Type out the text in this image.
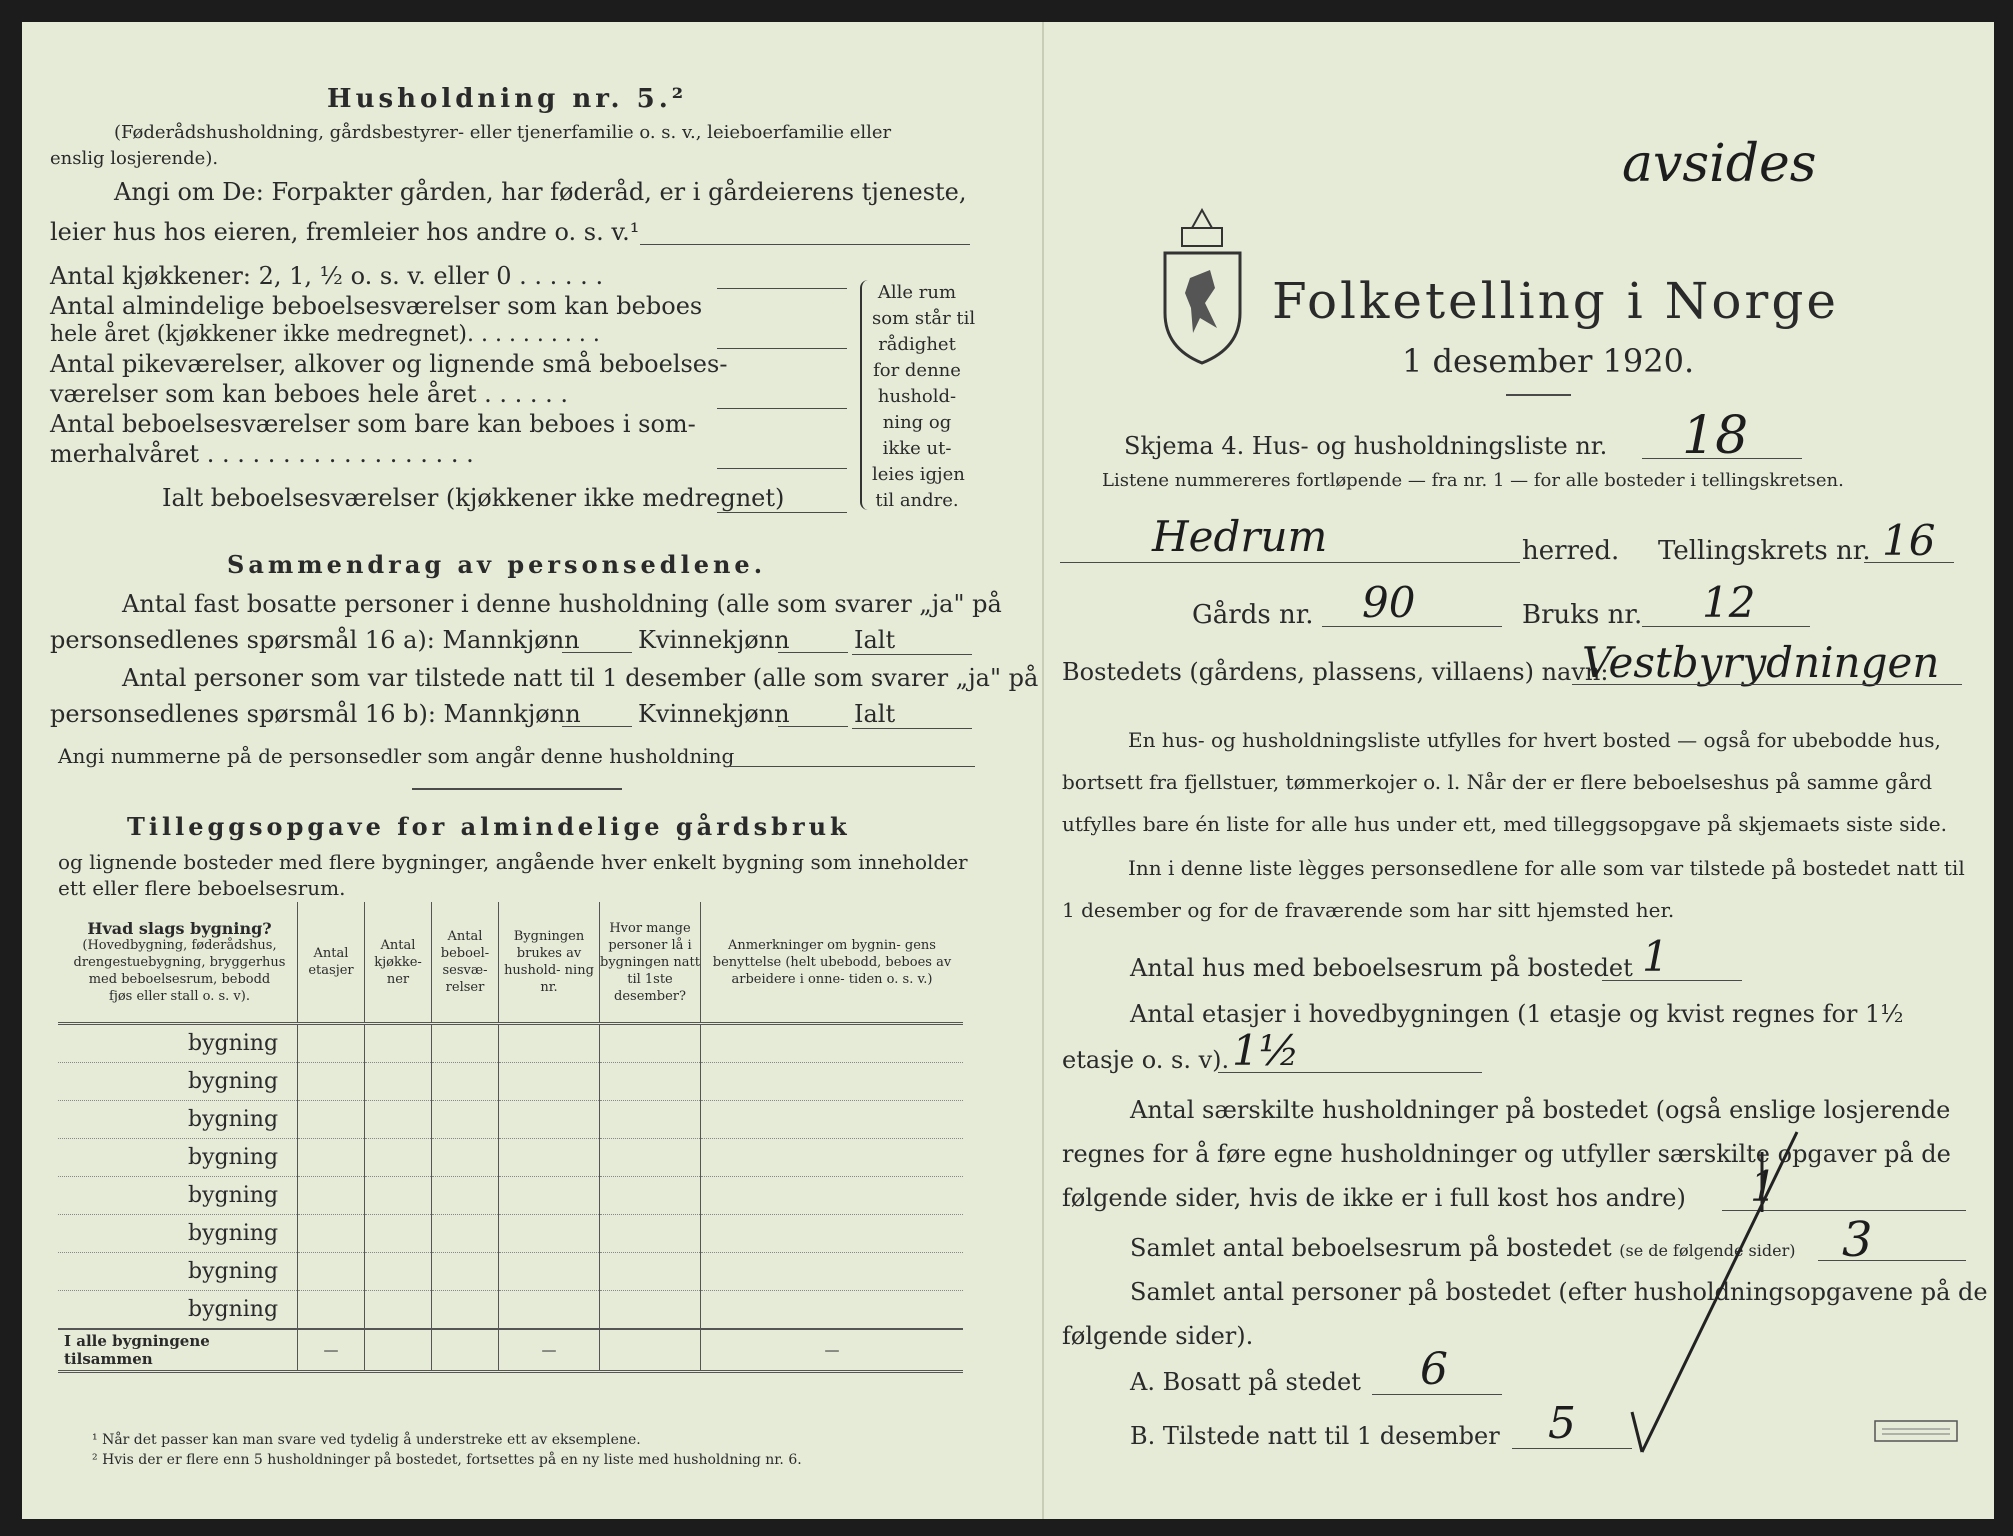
Husholdning nr. 5.²
(Føderådshusholdning, gårdsbestyrer- eller tjenerfamilie o. s. v., leieboerfamilie eller
enslig losjerende).
Angi om De: Forpakter gården, har føderåd, er i gårdeierens tjeneste,
leier hus hos eieren, fremleier hos andre o. s. v.¹
Antal kjøkkener: 2, 1, ½ o. s. v. eller 0 . . . . . .
Antal almindelige beboelsesværelser som kan beboes
hele året (kjøkkener ikke medregnet). . . . . . . . . .
Antal pikeværelser, alkover og lignende små beboelses-
værelser som kan beboes hele året . . . . . .
Antal beboelsesværelser som bare kan beboes i som-
merhalvåret . . . . . . . . . . . . . . . . . .
Ialt beboelsesværelser (kjøkkener ikke medregnet)
Alle rum
som står til
rådighet
for denne
hushold-
ning og
ikke ut-
leies igjen
til andre.
Sammendrag av personsedlene.
Antal fast bosatte personer i denne husholdning (alle som svarer „ja" på
personsedlenes spørsmål 16 a): Mannkjønn Kvinnekjønn	Ialt
Antal personer som var tilstede natt til 1 desember (alle som svarer „ja" på
personsedlenes spørsmål 16 b): Mannkjønn Kvinnekjønn	Ialt
Angi nummerne på de personsedler som angår denne husholdning
Tilleggsopgave for almindelige gårdsbruk
og lignende bosteder med flere bygninger, angående hver enkelt bygning som inneholder
ett eller flere beboelsesrum.
Hvad slags bygning?
(Hovedbygning, føderådshus,
drengestuebygning, bryggerhus
med beboelsesrum, bebodd
fjøs eller stall o. s. v).	Antal etasjer	Antal kjøkke- ner	Antal beboel- sesvæ- relser	Bygningen brukes av hushold- ning nr.	Hvor mange personer lå i bygningen natt til 1ste desember?	Anmerkninger om bygnin- gens benyttelse (helt ubebodd, beboes av arbeidere i onne- tiden o. s. v.)
bygning						
bygning						
bygning						
bygning						
bygning						
bygning						
bygning						
bygning						
I alle bygningene tilsammen	—			—		—
¹ Når det passer kan man svare ved tydelig å understreke ett av eksemplene.
² Hvis der er flere enn 5 husholdninger på bostedet, fortsettes på en ny liste med husholdning nr. 6.
avsides
Folketelling i Norge
1 desember 1920.
Skjema 4. Hus- og husholdningsliste nr. 18
Listene nummereres fortløpende — fra nr. 1 — for alle bosteder i tellingskretsen.
Hedrum	herred. Tellingskrets nr. 16
Gårds nr. 90	Bruks nr. 12
Bostedets (gårdens, plassens, villaens) navn:
Vestbyrydningen
En hus- og husholdningsliste utfylles for hvert bosted — også for ubebodde hus,
bortsett fra fjellstuer, tømmerkojer o. l. Når der er flere beboelseshus på samme gård
utfylles bare én liste for alle hus under ett, med tilleggsopgave på skjemaets siste side.
Inn i denne liste lègges personsedlene for alle som var tilstede på bostedet natt til
1 desember og for de fraværende som har sitt hjemsted her.
Antal hus med beboelsesrum på bostedet 1
Antal etasjer i hovedbygningen (1 etasje og kvist regnes for 1½
etasje o. s. v). 1½
Antal særskilte husholdninger på bostedet (også enslige losjerende
regnes for å føre egne husholdninger og utfyller særskilte opgaver på de
følgende sider, hvis de ikke er i full kost hos andre) 1
Samlet antal beboelsesrum på bostedet (se de følgende sider) 3
Samlet antal personer på bostedet (efter husholdningsopgavene på de
følgende sider).
A. Bosatt på stedet 6
B. Tilstede natt til 1 desember 5
